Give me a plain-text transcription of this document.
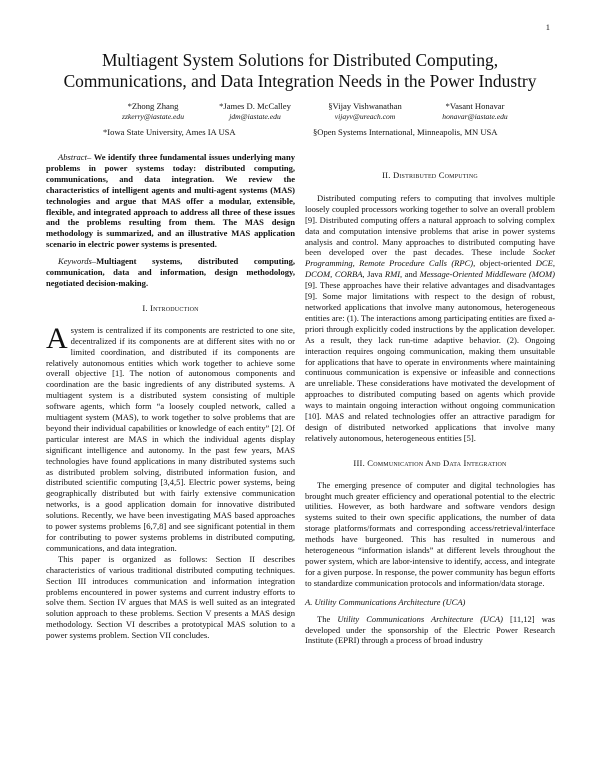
1
Multiagent System Solutions for Distributed Computing,
Communications, and Data Integration Needs in the Power Industry
*Zhong Zhang
zzkerry@iastate.edu
*James D. McCalley
jdm@iastate.edu
§Vijay Vishwanathan
vijayv@ureach.com
*Vasant Honavar
honavar@iastate.edu
*Iowa State University, Ames IA USA	§Open Systems International, Minneapolis, MN USA

Abstract– We identify three fundamental issues underlying many problems in power systems today: distributed computing, communications, and data integration. We review the characteristics of intelligent agents and multi-agent systems (MAS) technologies and argue that MAS offer a modular, extensible, flexible, and integrated approach to address all three of these issues and the problems resulting from them. The MAS design methodology is summarized, and an illustrative MAS application scenario in electric power systems is presented.

Keywords–Multiagent systems, distributed computing, communication, data and information, design methodology, negotiated decision-making.

I. Introduction

Asystem is centralized if its components are restricted to one site, decentralized if its components are at different sites with no or limited coordination, and distributed if its components are relatively autonomous entities which work together to achieve some overall objective [1]. The notion of autonomous components and coordination are the basic ingredients of any distributed systems. A multiagent system is a distributed system consisting of multiple software agents, which form “a loosely coupled network, called a multiagent system (MAS), to work together to solve problems that are beyond their individual capabilities or knowledge of each entity” [2]. Of particular interest are MAS in which the individual agents display significant intelligence and autonomy. In the past few years, MAS technologies have found applications in many distributed systems such as distributed problem solving, distributed information fusion, and distributed scientific computing [3,4,5]. Electric power systems, being geographically distributed but with fairly extensive communication networks, is a good application domain for innovative distributed solutions. Recently, we have been investigating MAS based approaches to power systems problems [6,7,8] and see significant potential in them for contributing to power systems problems in distributed computing, communications, and data integration.

This paper is organized as follows: Section II describes characteristics of various traditional distributed computing techniques. Section III introduces communication and information integration problems encountered in power systems and current industry efforts to solve them. Section IV argues that MAS is well suited as an integrated solution approach to these problems. Section V presents a MAS design methodology. Section VI describes a prototypical MAS solution to a power systems problem. Section VII concludes.

II. Distributed Computing

Distributed computing refers to computing that involves multiple loosely coupled processors working together to solve an overall problem [9]. Distributed computing offers a natural approach to solving complex data and computation intensive problems that arise in power systems analysis and control. Many approaches to distributed computing have been developed over the past decades. These include Socket Programming, Remote Procedure Calls (RPC), object-oriented DCE, DCOM, CORBA, Java RMI, and Message-Oriented Middleware (MOM) [9]. These approaches have their relative advantages and disadvantages [9]. Some major limitations with respect to the design of robust, networked applications that involve many autonomous, heterogeneous entities are: (1). The interactions among participating entities are fixed a-priori through explicitly coded instructions by the application developer. As a result, they lack run-time adaptive behavior. (2). Ongoing interaction requires ongoing communication, making them unsuitable for applications that have to operate in environments where maintaining continuous communication is expensive or infeasible and connections are unreliable. These considerations have motivated the development of approaches to distributed computing based on agents which provide ways to maintain ongoing interaction without ongoing communication [10]. MAS and related technologies offer an attractive paradigm for design of distributed networked applications that involve many relatively autonomous, heterogeneous entities [5].

III. Communication And Data Integration

The emerging presence of computer and digital technologies has brought much greater efficiency and operational potential to the electric utilities. However, as both hardware and software vendors design systems suited to their own specific applications, the number of data storage platforms/formats and corresponding access/retrieval/interface methods have burgeoned. This has resulted in numerous and heterogeneous “information islands” at different levels throughout the power system, which are labor-intensive to identify, access, and integrate for a given purpose. In response, the power community has begun efforts to standardize communication protocols and information/data storage.

A. Utility Communications Architecture (UCA)

The Utility Communications Architecture (UCA) [11,12] was developed under the sponsorship of the Electric Power Research Institute (EPRI) through a process of broad industry
